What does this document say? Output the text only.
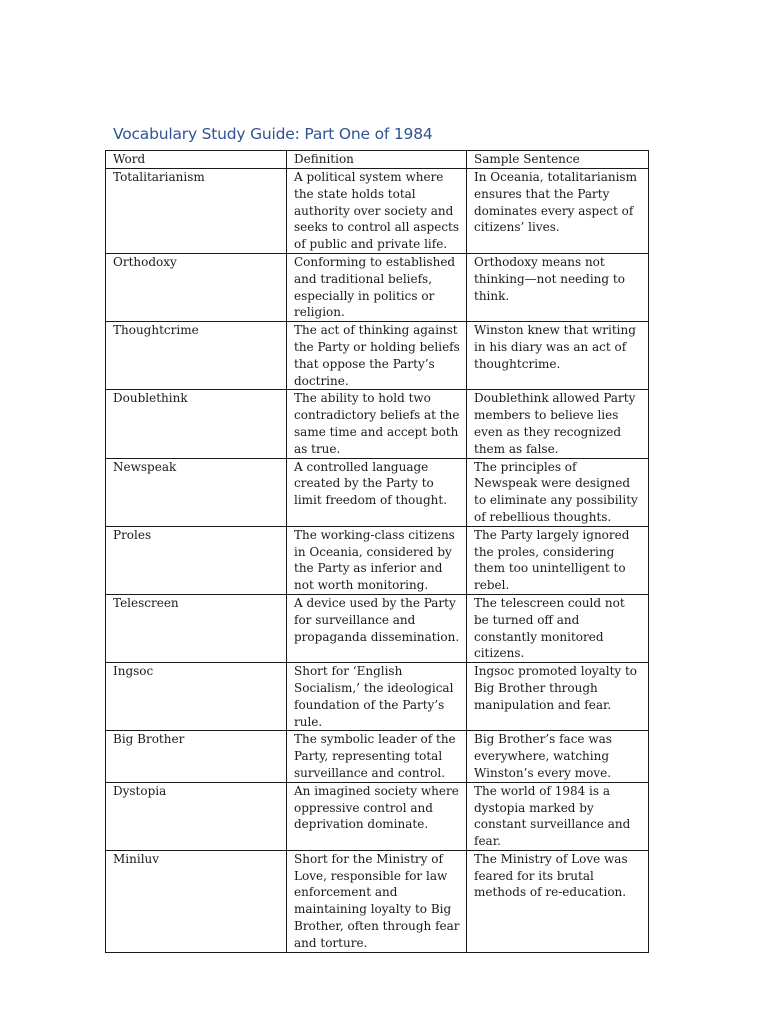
Vocabulary Study Guide: Part One of 1984
Word	Definition	Sample Sentence
Totalitarianism	A political system where the state holds total authority over society and seeks to control all aspects of public and private life.	In Oceania, totalitarianism ensures that the Party dominates every aspect of citizens’ lives.
Orthodoxy	Conforming to established and traditional beliefs, especially in politics or religion.	Orthodoxy means not thinking—not needing to think.
Thoughtcrime	The act of thinking against the Party or holding beliefs that oppose the Party’s doctrine.	Winston knew that writing in his diary was an act of thoughtcrime.
Doublethink	The ability to hold two contradictory beliefs at the same time and accept both as true.	Doublethink allowed Party members to believe lies even as they recognized them as false.
Newspeak	A controlled language created by the Party to limit freedom of thought.	The principles of Newspeak were designed to eliminate any possibility of rebellious thoughts.
Proles	The working-class citizens in Oceania, considered by the Party as inferior and not worth monitoring.	The Party largely ignored the proles, considering them too unintelligent to rebel.
Telescreen	A device used by the Party for surveillance and propaganda dissemination.	The telescreen could not be turned off and constantly monitored citizens.
Ingsoc	Short for ‘English Socialism,’ the ideological foundation of the Party’s rule.	Ingsoc promoted loyalty to Big Brother through manipulation and fear.
Big Brother	The symbolic leader of the Party, representing total surveillance and control.	Big Brother’s face was everywhere, watching Winston’s every move.
Dystopia	An imagined society where oppressive control and deprivation dominate.	The world of 1984 is a dystopia marked by constant surveillance and fear.
Miniluv	Short for the Ministry of Love, responsible for law enforcement and maintaining loyalty to Big Brother, often through fear and torture.	The Ministry of Love was feared for its brutal methods of re-education.
